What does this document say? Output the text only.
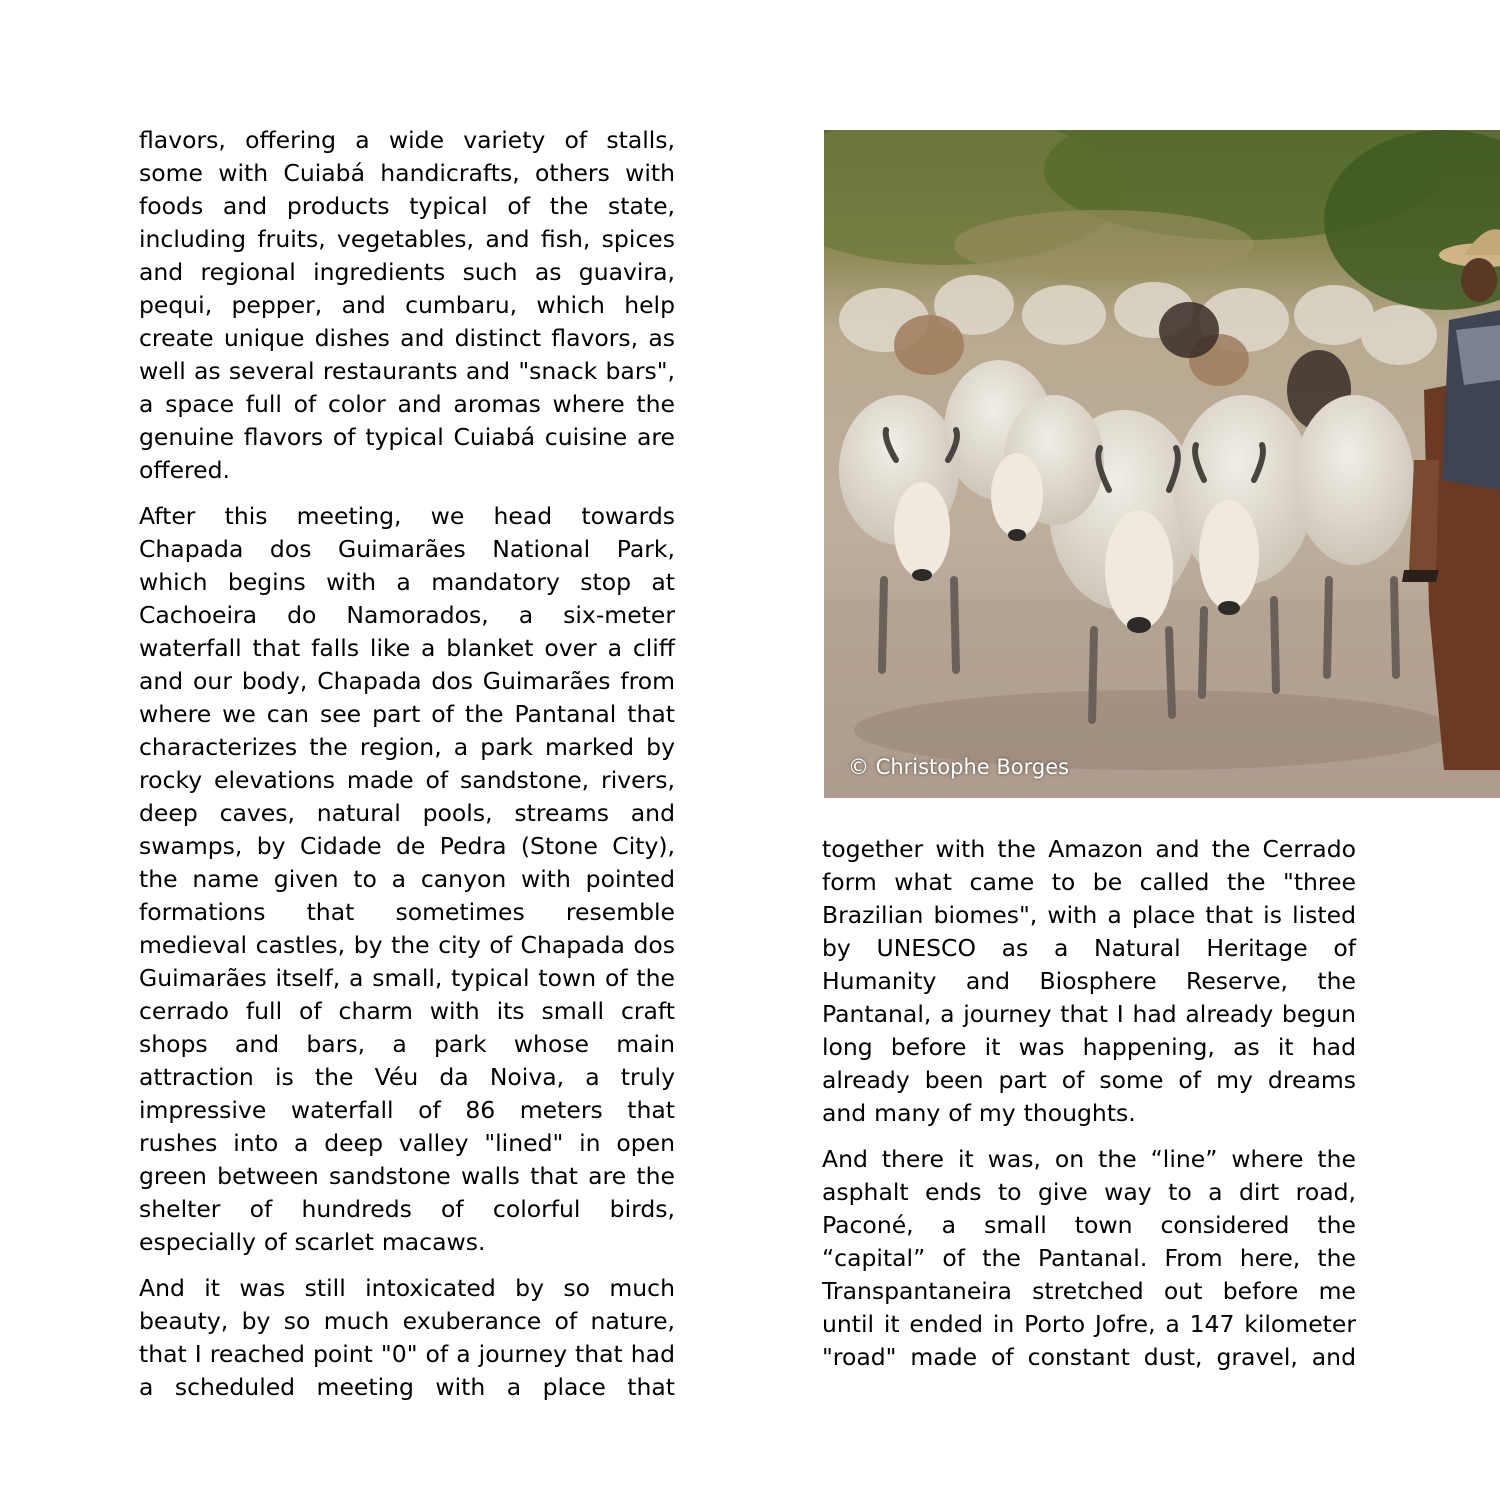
flavors, offering a wide variety of stalls, some with Cuiabá handicrafts, others with foods and products typical of the state, including fruits, vegetables, and fish, spices and regional ingredients such as guavira, pequi, pepper, and cumbaru, which help create unique dishes and distinct flavors, as well as several restaurants and "snack bars", a space full of color and aromas where the genuine flavors of typical Cuiabá cuisine are offered.

After this meeting, we head towards Chapada dos Guimarães National Park, which begins with a mandatory stop at Cachoeira do Namorados, a six-meter waterfall that falls like a blanket over a cliff and our body, Chapada dos Guimarães from where we can see part of the Pantanal that characterizes the region, a park marked by rocky elevations made of sandstone, rivers, deep caves, natural pools, streams and swamps, by Cidade de Pedra (Stone City), the name given to a canyon with pointed formations that sometimes resemble medieval castles, by the city of Chapada dos Guimarães itself, a small, typical town of the cerrado full of charm with its small craft shops and bars, a park whose main attraction is the Véu da Noiva, a truly impressive waterfall of 86 meters that rushes into a deep valley "lined" in open green between sandstone walls that are the shelter of hundreds of colorful birds, especially of scarlet macaws.

And it was still intoxicated by so much beauty, by so much exuberance of nature, that I reached point "0" of a journey that had a scheduled meeting with a place that

© Christophe Borges

together with the Amazon and the Cerrado form what came to be called the "three Brazilian biomes", with a place that is listed by UNESCO as a Natural Heritage of Humanity and Biosphere Reserve, the Pantanal, a journey that I had already begun long before it was happening, as it had already been part of some of my dreams and many of my thoughts.

And there it was, on the “line” where the asphalt ends to give way to a dirt road, Paconé, a small town considered the “capital” of the Pantanal. From here, the Transpantaneira stretched out before me until it ended in Porto Jofre, a 147 kilometer "road" made of constant dust, gravel, and
